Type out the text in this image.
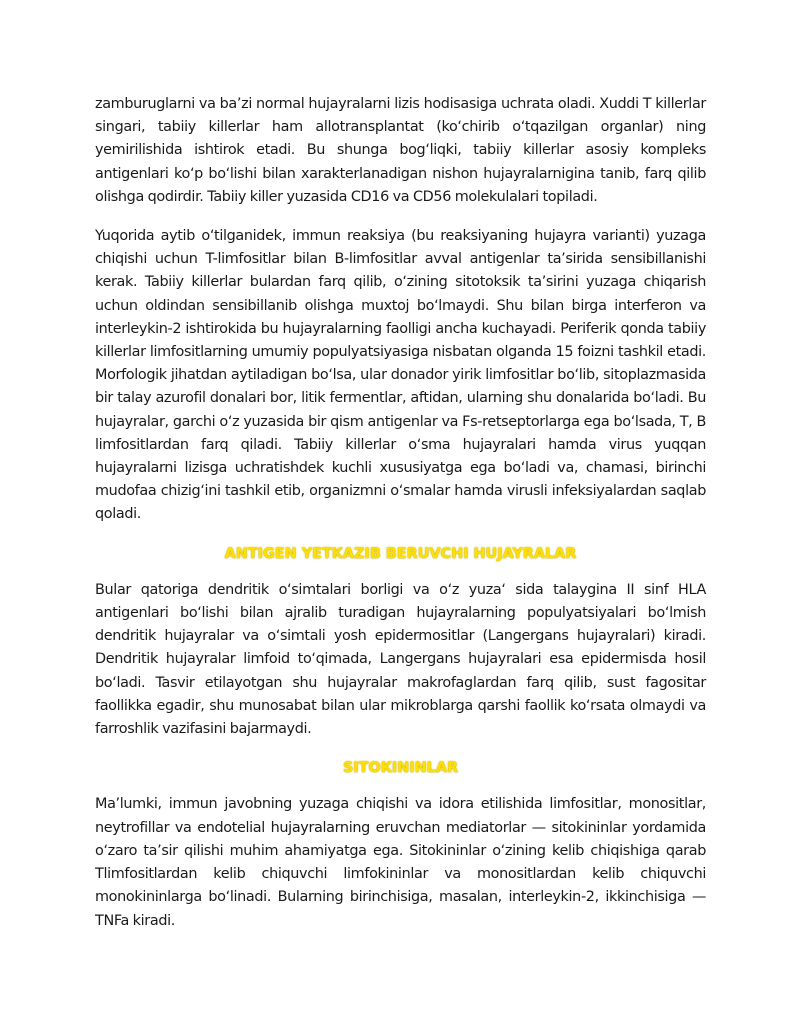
zamburuglarni va ba’zi normal hujayralarni lizis hodisasiga uchrata oladi. Xuddi T killerlar singari, tabiiy killerlar ham allotransplantat (ko‘chirib o‘tqazilgan organlar) ning yemirilishida ishtirok etadi. Bu shunga bog‘liqki, tabiiy killerlar asosiy kompleks antigenlari ko‘p bo‘lishi bilan xarakterlanadigan nishon hujayralarnigina tanib, farq qilib olishga qodirdir. Tabiiy killer yuzasida CD16 va CD56 molekulalari topiladi.

Yuqorida aytib o‘tilganidek, immun reaksiya (bu reaksiyaning hujayra varianti) yuzaga chiqishi uchun T-limfositlar bilan B-limfositlar avval antigenlar ta’sirida sensibillanishi kerak. Tabiiy killerlar bulardan farq qilib, o‘zining sitotoksik ta’sirini yuzaga chiqarish uchun oldindan sensibillanib olishga muxtoj bo‘lmaydi. Shu bilan birga interferon va interleykin-2 ishtirokida bu hujayralarning faolligi ancha kuchayadi. Periferik qonda tabiiy killerlar limfositlarning umumiy populyatsiyasiga nisbatan olganda 15 foizni tashkil etadi. Morfologik jihatdan aytiladigan bo‘lsa, ular donador yirik limfositlar bo‘lib, sitoplazmasida bir talay azurofil donalari bor, litik fermentlar, aftidan, ularning shu donalarida bo‘ladi. Bu hujayralar, garchi o‘z yuzasida bir qism antigenlar va Fs-retseptorlarga ega bo‘lsada, T, B limfositlardan farq qiladi. Tabiiy killerlar o‘sma hujayralari hamda virus yuqqan hujayralarni lizisga uchratishdek kuchli xususiyatga ega bo‘ladi va, chamasi, birinchi mudofaa chizig‘ini tashkil etib, organizmni o‘smalar hamda virusli infeksiyalardan saqlab qoladi.

ANTIGEN YETKAZIB BERUVCHI HUJAYRALAR

Bular qatoriga dendritik o‘simtalari borligi va o‘z yuza‘ sida talaygina II sinf HLA antigenlari bo‘lishi bilan ajralib turadigan hujayralarning populyatsiyalari bo‘lmish dendritik hujayralar va o‘simtali yosh epidermositlar (Langergans hujayralari) kiradi. Dendritik hujayralar limfoid to‘qimada, Langergans hujayralari esa epidermisda hosil bo‘ladi. Tasvir etilayotgan shu hujayralar makrofaglardan farq qilib, sust fagositar faollikka egadir, shu munosabat bilan ular mikroblarga qarshi faollik ko‘rsata olmaydi va farroshlik vazifasini bajarmaydi.

SITOKININLAR

Ma’lumki, immun javobning yuzaga chiqishi va idora etilishida limfositlar, monositlar, neytrofillar va endotelial hujayralarning eruvchan mediatorlar — sitokininlar yordamida o‘zaro ta’sir qilishi muhim ahamiyatga ega. Sitokininlar o‘zining kelib chiqishiga qarab Tlimfositlardan kelib chiquvchi limfokininlar va monositlardan kelib chiquvchi monokininlarga bo‘linadi. Bularning birinchisiga, masalan, interleykin-2, ikkinchisiga — TNFa kiradi.
